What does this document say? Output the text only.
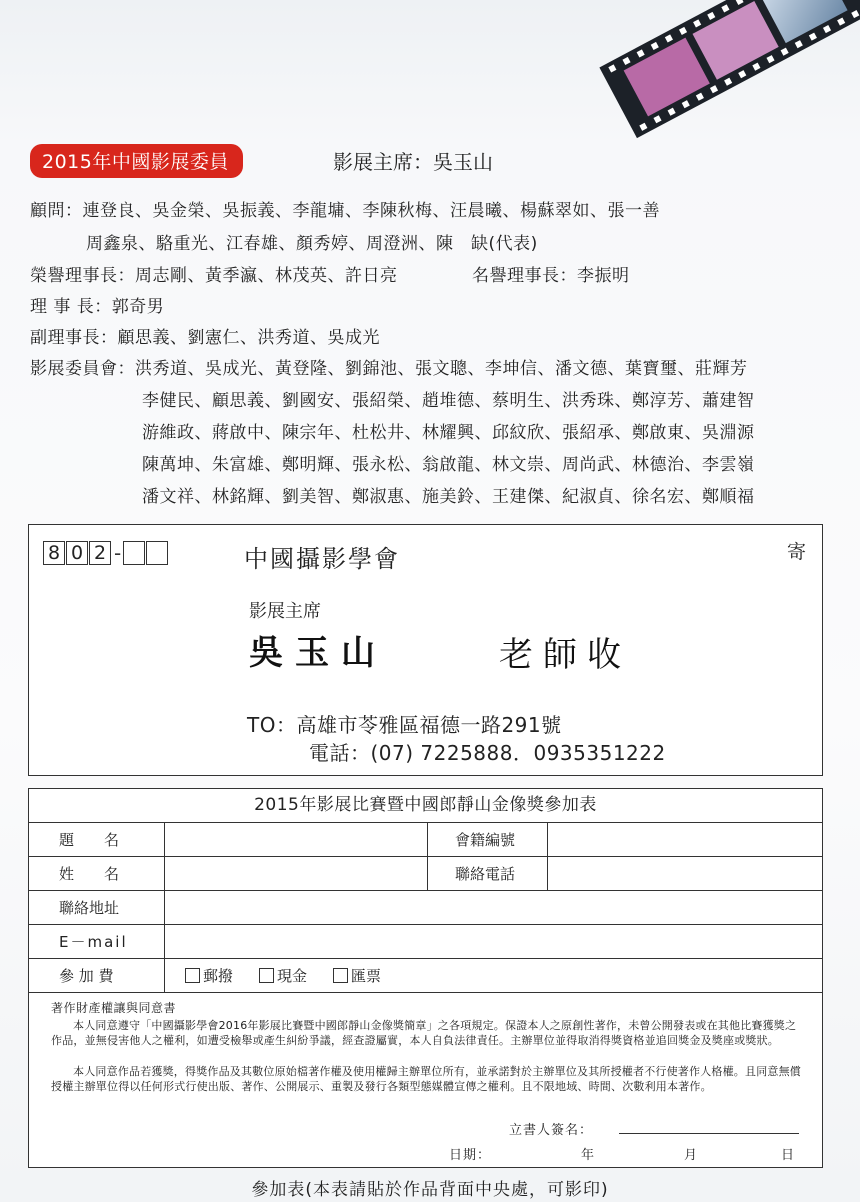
2015年中國影展委員	影展主席：吳玉山
顧問：連登良、吳金榮、吳振義、李龍墉、李陳秋梅、汪晨曦、楊蘇翠如、張一善
周鑫泉、駱重光、江春雄、顏秀婷、周澄洲、陳　缺(代表)
榮譽理事長：周志剛、黃季瀛、林茂英、許日亮	名譽理事長：李振明
理 事 長：郭奇男
副理事長：顧思義、劉憲仁、洪秀道、吳成光
影展委員會：洪秀道、吳成光、黃登隆、劉錦池、張文聰、李坤信、潘文德、葉寶璽、莊輝芳
李健民、顧思義、劉國安、張紹榮、趙堆德、蔡明生、洪秀珠、鄭淳芳、蕭建智
游維政、蔣啟中、陳宗年、杜松井、林耀興、邱紋欣、張紹承、鄭啟東、吳淵源
陳萬坤、朱富雄、鄭明輝、張永松、翁啟龍、林文崇、周尚武、林德治、李雲嶺
潘文祥、林銘輝、劉美智、鄭淑惠、施美鈴、王建傑、紀淑貞、徐名宏、鄭順福
8 0 2 -	中國攝影學會	寄
影展主席
吳玉山	老師收
TO：高雄市苓雅區福德一路291號
電話：(07) 7225888．0935351222
2015年影展比賽暨中國郎靜山金像獎參加表
題　　名	會籍編號
姓　　名	聯絡電話
聯絡地址
E－mail
參 加 費	郵撥	現金	匯票
著作財產權讓與同意書
本人同意遵守「中國攝影學會2016年影展比賽暨中國郎靜山金像獎簡章」之各項規定。保證本人之原創性著作，未曾公開發表或在其他比賽獲獎之作品，並無侵害他人之權利，如遭受檢舉或產生糾紛爭議，經查證屬實，本人自負法律責任。主辦單位並得取消得獎資格並追回獎金及獎座或獎狀。
本人同意作品若獲獎，得獎作品及其數位原始檔著作權及使用權歸主辦單位所有，並承諾對於主辦單位及其所授權者不行使著作人格權。且同意無償授權主辦單位得以任何形式行使出版、著作、公開展示、重製及發行各類型態媒體宣傳之權利。且不限地域、時間、次數利用本著作。
立書人簽名：
日期：	年	月	日
參加表(本表請貼於作品背面中央處，可影印)
